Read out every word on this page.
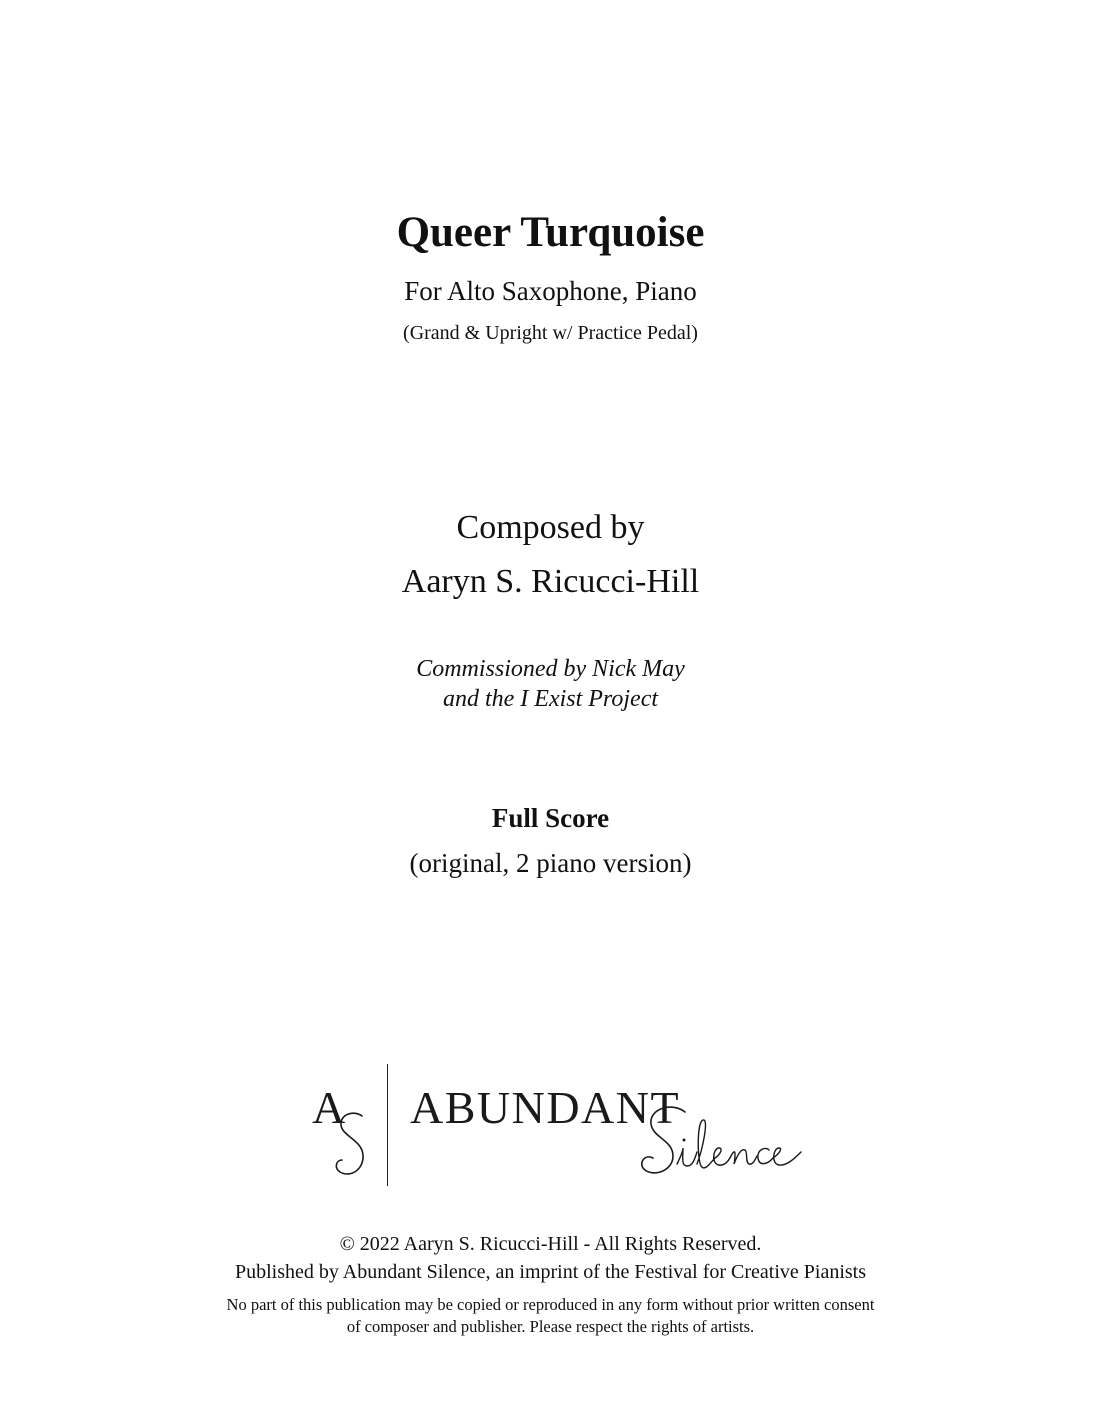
Queer Turquoise
For Alto Saxophone, Piano
(Grand & Upright w/ Practice Pedal)
Composed by
Aaryn S. Ricucci-Hill
Commissioned by Nick May
and the I Exist Project
Full Score
(original, 2 piano version)
A ABUNDANT
© 2022 Aaryn S. Ricucci-Hill - All Rights Reserved.
Published by Abundant Silence, an imprint of the Festival for Creative Pianists
No part of this publication may be copied or reproduced in any form without prior written consent
of composer and publisher. Please respect the rights of artists.
